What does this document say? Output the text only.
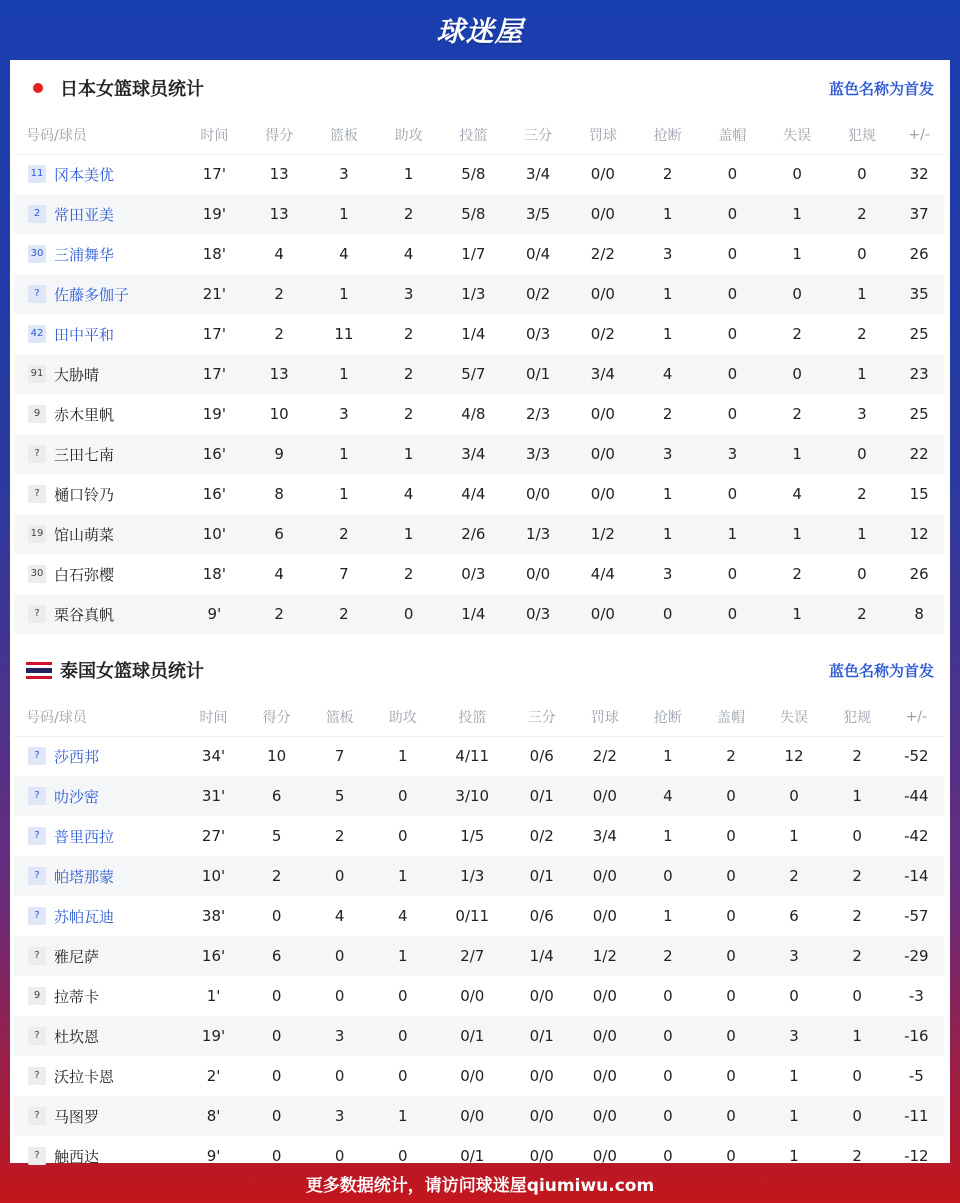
球迷屋
日本女篮球员统计	蓝色名称为首发
号码/球员	时间	得分	篮板	助攻	投篮	三分	罚球	抢断	盖帽	失误	犯规	+/-
11 冈本美优	17'	13	3	1	5/8	3/4	0/0	2	0	0	0	32
2 常田亚美	19'	13	1	2	5/8	3/5	0/0	1	0	1	2	37
30 三浦舞华	18'	4	4	4	1/7	0/4	2/2	3	0	1	0	26
? 佐藤多伽子	21'	2	1	3	1/3	0/2	0/0	1	0	0	1	35
42 田中平和	17'	2	11	2	1/4	0/3	0/2	1	0	2	2	25
91 大胁晴	17'	13	1	2	5/7	0/1	3/4	4	0	0	1	23
9 赤木里帆	19'	10	3	2	4/8	2/3	0/0	2	0	2	3	25
? 三田七南	16'	9	1	1	3/4	3/3	0/0	3	3	1	0	22
? 樋口铃乃	16'	8	1	4	4/4	0/0	0/0	1	0	4	2	15
19 馆山萌菜	10'	6	2	1	2/6	1/3	1/2	1	1	1	1	12
30 白石弥樱	18'	4	7	2	0/3	0/0	4/4	3	0	2	0	26
? 栗谷真帆	9'	2	2	0	1/4	0/3	0/0	0	0	1	2	8
泰国女篮球员统计	蓝色名称为首发
号码/球员	时间	得分	篮板	助攻	投篮	三分	罚球	抢断	盖帽	失误	犯规	+/-
? 莎西邦	34'	10	7	1	4/11	0/6	2/2	1	2	12	2	-52
? 叻沙密	31'	6	5	0	3/10	0/1	0/0	4	0	0	1	-44
? 普里西拉	27'	5	2	0	1/5	0/2	3/4	1	0	1	0	-42
? 帕塔那蒙	10'	2	0	1	1/3	0/1	0/0	0	0	2	2	-14
? 苏帕瓦迪	38'	0	4	4	0/11	0/6	0/0	1	0	6	2	-57
? 雅尼萨	16'	6	0	1	2/7	1/4	1/2	2	0	3	2	-29
9 拉蒂卡	1'	0	0	0	0/0	0/0	0/0	0	0	0	0	-3
? 杜坎恩	19'	0	3	0	0/1	0/1	0/0	0	0	3	1	-16
? 沃拉卡恩	2'	0	0	0	0/0	0/0	0/0	0	0	1	0	-5
? 马图罗	8'	0	3	1	0/0	0/0	0/0	0	0	1	0	-11
? 触西达	9'	0	0	0	0/1	0/0	0/0	0	0	1	2	-12
更多数据统计，请访问球迷屋qiumiwu.com
